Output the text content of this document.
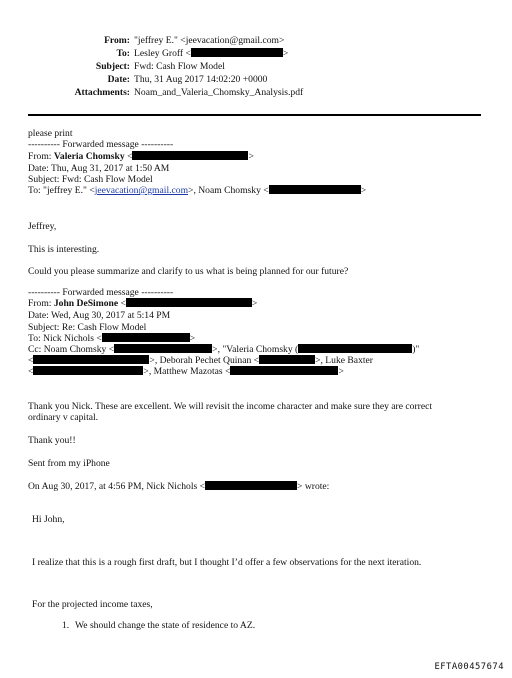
From: "jeffrey E." <jeevacation@gmail.com>
To: Lesley Groff <	>
Subject: Fwd: Cash Flow Model
Date: Thu, 31 Aug 2017 14:02:20 +0000
Attachments: Noam_and_Valeria_Chomsky_Analysis.pdf
please print
---------- Forwarded message ----------
From: Valeria Chomsky <	>
Date: Thu, Aug 31, 2017 at 1:50 AM
Subject: Fwd: Cash Flow Model
To: "jeffrey E." <jeevacation@gmail.com>, Noam Chomsky <	>
Jeffrey,
This is interesting.
Could you please summarize and clarify to us what is being planned for our future?
---------- Forwarded message ----------
From: John DeSimone <	>
Date: Wed, Aug 30, 2017 at 5:14 PM
Subject: Re: Cash Flow Model
To: Nick Nichols <	>
Cc: Noam Chomsky <	>, "Valeria Chomsky (	)"
<	>, Deborah Pechet Quinan <	>, Luke Baxter
<	>, Matthew Mazotas <	>
Thank you Nick. These are excellent. We will revisit the income character and make sure they are correct
ordinary v capital.
Thank you!!
Sent from my iPhone
On Aug 30, 2017, at 4:56 PM, Nick Nichols <	> wrote:
Hi John,
I realize that this is a rough first draft, but I thought I’d offer a few observations for the next iteration.
For the projected income taxes,
1. We should change the state of residence to AZ.
EFTA00457674
